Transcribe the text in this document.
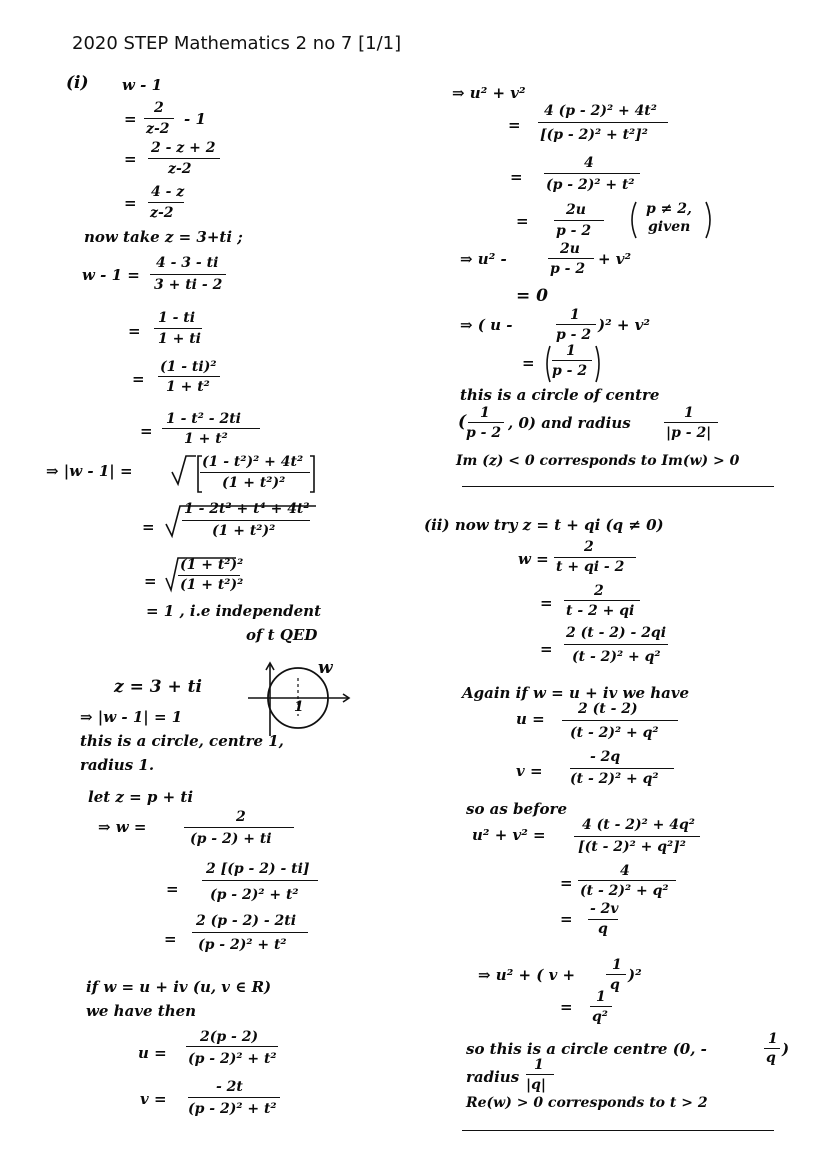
2020 STEP Mathematics 2 no 7 [1/1]
(i) w - 1
=
2
z-2
- 1
=
2 - z + 2
z-2
=
4 - z
z-2
now take z = 3+ti ;
w - 1 =
4 - 3 - ti
3 + ti - 2
=
1 - ti
1 + ti
=
(1 - ti)²
1 + t²
=
1 - t² - 2ti
1 + t²
⇒ |w - 1| =	(1 - t²)² + 4t²
(1 + t²)²
=
1 - 2t² + t⁴ + 4t²
(1 + t²)²
=
(1 + t²)²
(1 + t²)²
= 1 , i.e independent
of t QED
z = 3 + ti
1
w
⇒ |w - 1| = 1
this is a circle, centre 1,
radius 1.
let z = p + ti
⇒ w =
2
(p - 2) + ti
=
2 [(p - 2) - ti]
(p - 2)² + t²
=
2 (p - 2) - 2ti
(p - 2)² + t²
if w = u + iv (u, v ∈ R)
we have then
u =
2(p - 2)
(p - 2)² + t²
v =
- 2t
(p - 2)² + t²
⇒ u² + v²
=
4 (p - 2)² + 4t²
[(p - 2)² + t²]²
=
4
(p - 2)² + t²
=
2u
p - 2
p ≠ 2,
given
⇒ u² -
2u
p - 2
+ v²
= 0
⇒ ( u -
1
p - 2
)² + v²
=
1
p - 2
this is a circle of centre
( 1
p - 2
, 0) and radius
1
|p - 2|
Im (z) < 0 corresponds to Im(w) > 0
(ii) now try z = t + qi (q ≠ 0)
w =
2
t + qi - 2
=
2
t - 2 + qi
=
2 (t - 2) - 2qi
(t - 2)² + q²
Again if w = u + iv we have
u =
2 (t - 2)
(t - 2)² + q²
v =
- 2q
(t - 2)² + q²
so as before
u² + v² =
4 (t - 2)² + 4q²
[(t - 2)² + q²]²
=
4
(t - 2)² + q²
=
- 2v
q
⇒ u² + ( v +
1
q
)²
=
1
q²
so this is a circle centre (0, -
1
q )
radius
1
|q|
Re(w) > 0 corresponds to t > 2
